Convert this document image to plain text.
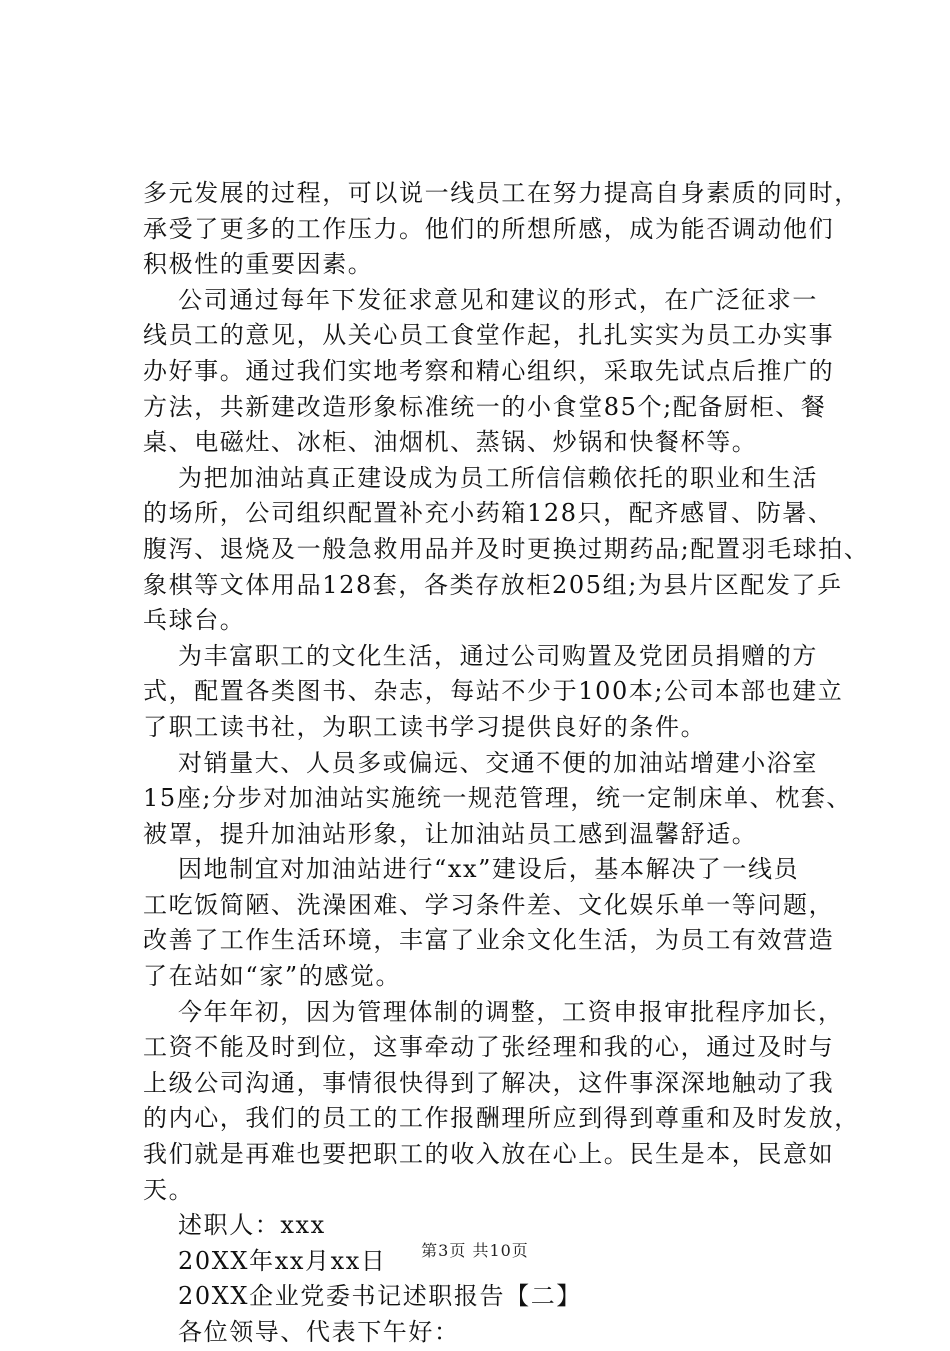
多元发展的过程，可以说一线员工在努力提高自身素质的同时，
承受了更多的工作压力。他们的所想所感，成为能否调动他们
积极性的重要因素。
公司通过每年下发征求意见和建议的形式，在广泛征求一
线员工的意见，从关心员工食堂作起，扎扎实实为员工办实事
办好事。通过我们实地考察和精心组织，采取先试点后推广的
方法，共新建改造形象标准统一的小食堂85个;配备厨柜、餐
桌、电磁灶、冰柜、油烟机、蒸锅、炒锅和快餐杯等。
为把加油站真正建设成为员工所信信赖依托的职业和生活
的场所，公司组织配置补充小药箱128只，配齐感冒、防暑、
腹泻、退烧及一般急救用品并及时更换过期药品;配置羽毛球拍、
象棋等文体用品128套，各类存放柜205组;为县片区配发了乒
乓球台。
为丰富职工的文化生活，通过公司购置及党团员捐赠的方
式，配置各类图书、杂志，每站不少于100本;公司本部也建立
了职工读书社，为职工读书学习提供良好的条件。
对销量大、人员多或偏远、交通不便的加油站增建小浴室
15座;分步对加油站实施统一规范管理，统一定制床单、枕套、
被罩，提升加油站形象，让加油站员工感到温馨舒适。
因地制宜对加油站进行“xx”建设后，基本解决了一线员
工吃饭简陋、洗澡困难、学习条件差、文化娱乐单一等问题，
改善了工作生活环境，丰富了业余文化生活，为员工有效营造
了在站如“家”的感觉。
今年年初，因为管理体制的调整，工资申报审批程序加长，
工资不能及时到位，这事牵动了张经理和我的心，通过及时与
上级公司沟通，事情很快得到了解决，这件事深深地触动了我
的内心，我们的员工的工作报酬理所应到得到尊重和及时发放，
我们就是再难也要把职工的收入放在心上。民生是本，民意如
天。
述职人：xxx
20XX年xx月xx日
20XX企业党委书记述职报告【二】
各位领导、代表下午好：
第3页 共10页
